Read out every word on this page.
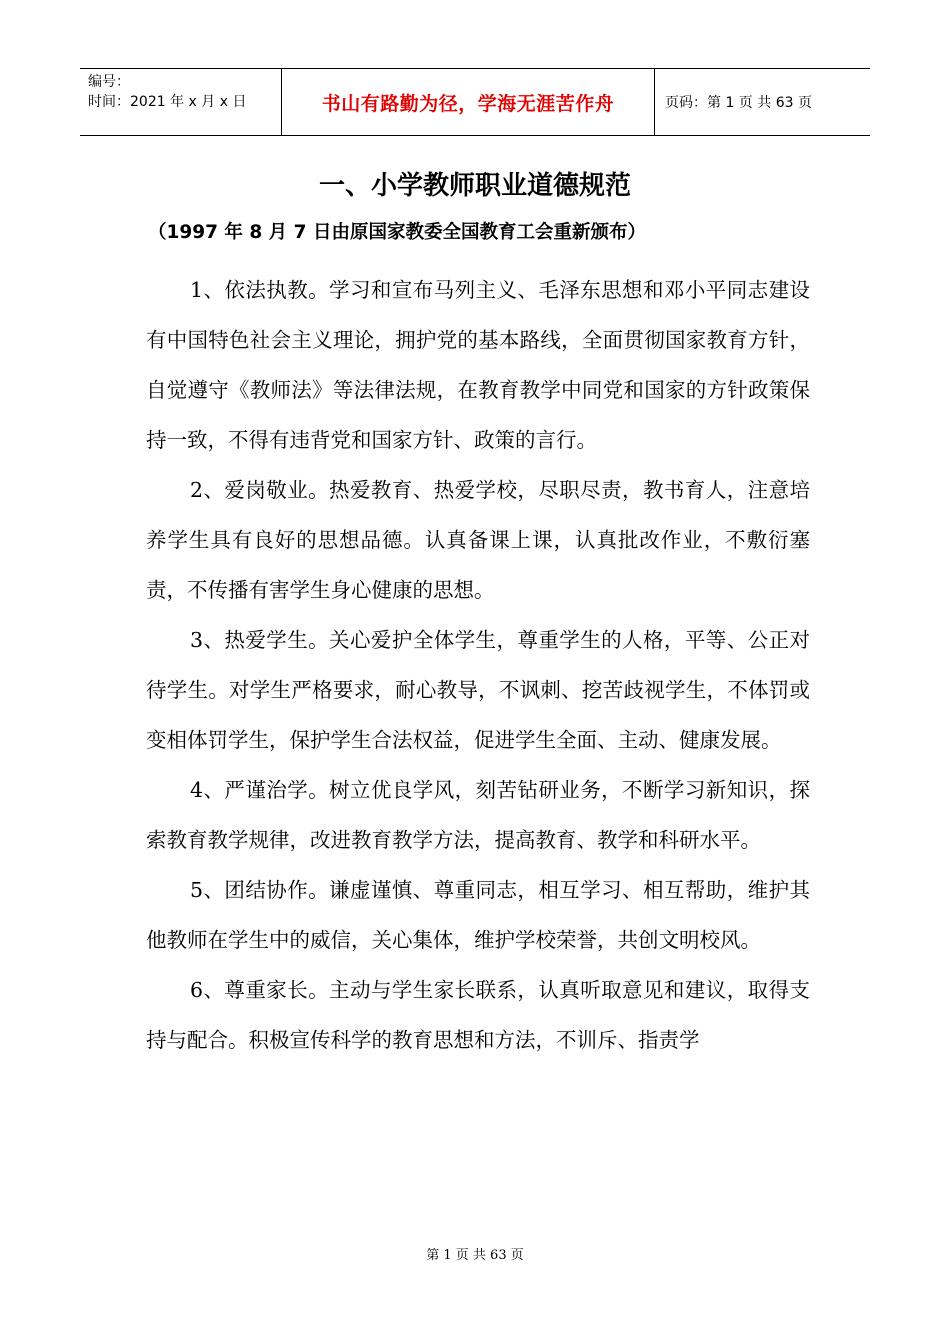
编号：
时间：2021 年 x 月 x 日	书山有路勤为径，学海无涯苦作舟	页码：第 1 页 共 63 页
一、小学教师职业道德规范
（1997 年 8 月 7 日由原国家教委全国教育工会重新颁布）

1、依法执教。学习和宣布马列主义、毛泽东思想和邓小平同志建设有中国特色社会主义理论，拥护党的基本路线，全面贯彻国家教育方针，自觉遵守《教师法》等法律法规，在教育教学中同党和国家的方针政策保持一致，不得有违背党和国家方针、政策的言行。

2、爱岗敬业。热爱教育、热爱学校，尽职尽责，教书育人，注意培养学生具有良好的思想品德。认真备课上课，认真批改作业，不敷衍塞责，不传播有害学生身心健康的思想。

3、热爱学生。关心爱护全体学生，尊重学生的人格，平等、公正对待学生。对学生严格要求，耐心教导，不讽刺、挖苦歧视学生，不体罚或变相体罚学生，保护学生合法权益，促进学生全面、主动、健康发展。

4、严谨治学。树立优良学风，刻苦钻研业务，不断学习新知识，探索教育教学规律，改进教育教学方法，提高教育、教学和科研水平。

5、团结协作。谦虚谨慎、尊重同志，相互学习、相互帮助，维护其他教师在学生中的威信，关心集体，维护学校荣誉，共创文明校风。

6、尊重家长。主动与学生家长联系，认真听取意见和建议，取得支持与配合。积极宣传科学的教育思想和方法，不训斥、指责学

第 1 页 共 63 页
